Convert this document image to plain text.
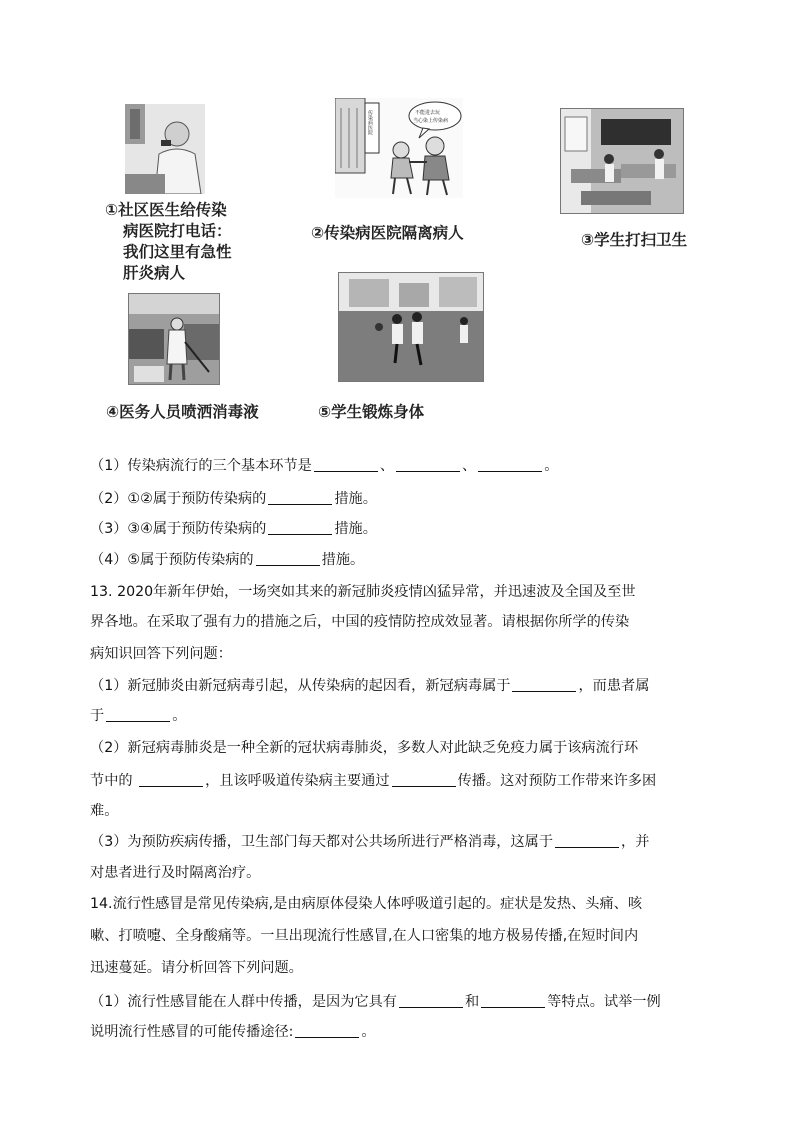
①社区医生给传染
病医院打电话：
我们这里有急性
肝炎病人
传染病医院	不能进去玩
当心染上传染病
②传染病医院隔离病人	③学生打扫卫生
④医务人员喷洒消毒液	⑤学生锻炼身体
（1）传染病流行的三个基本环节是	、	、	。
（2）①②属于预防传染病的	措施。
（3）③④属于预防传染病的	措施。
（4）⑤属于预防传染病的	措施。
13. 2020年新年伊始，一场突如其来的新冠肺炎疫情凶猛异常，并迅速波及全国及至世
界各地。在采取了强有力的措施之后，中国的疫情防控成效显著。请根据你所学的传染
病知识回答下列问题：
（1）新冠肺炎由新冠病毒引起，从传染病的起因看，新冠病毒属于	，而患者属
于	。
（2）新冠病毒肺炎是一种全新的冠状病毒肺炎，多数人对此缺乏免疫力属于该病流行环
节中的	，且该呼吸道传染病主要通过	传播。这对预防工作带来许多困
难。
（3）为预防疾病传播，卫生部门每天都对公共场所进行严格消毒，这属于	，并
对患者进行及时隔离治疗。
14.流行性感冒是常见传染病,是由病原体侵染人体呼吸道引起的。症状是发热、头痛、咳
嗽、打喷嚏、全身酸痛等。一旦出现流行性感冒,在人口密集的地方极易传播,在短时间内
迅速蔓延。请分析回答下列问题。
（1）流行性感冒能在人群中传播，是因为它具有	和	等特点。试举一例
说明流行性感冒的可能传播途径:	。
